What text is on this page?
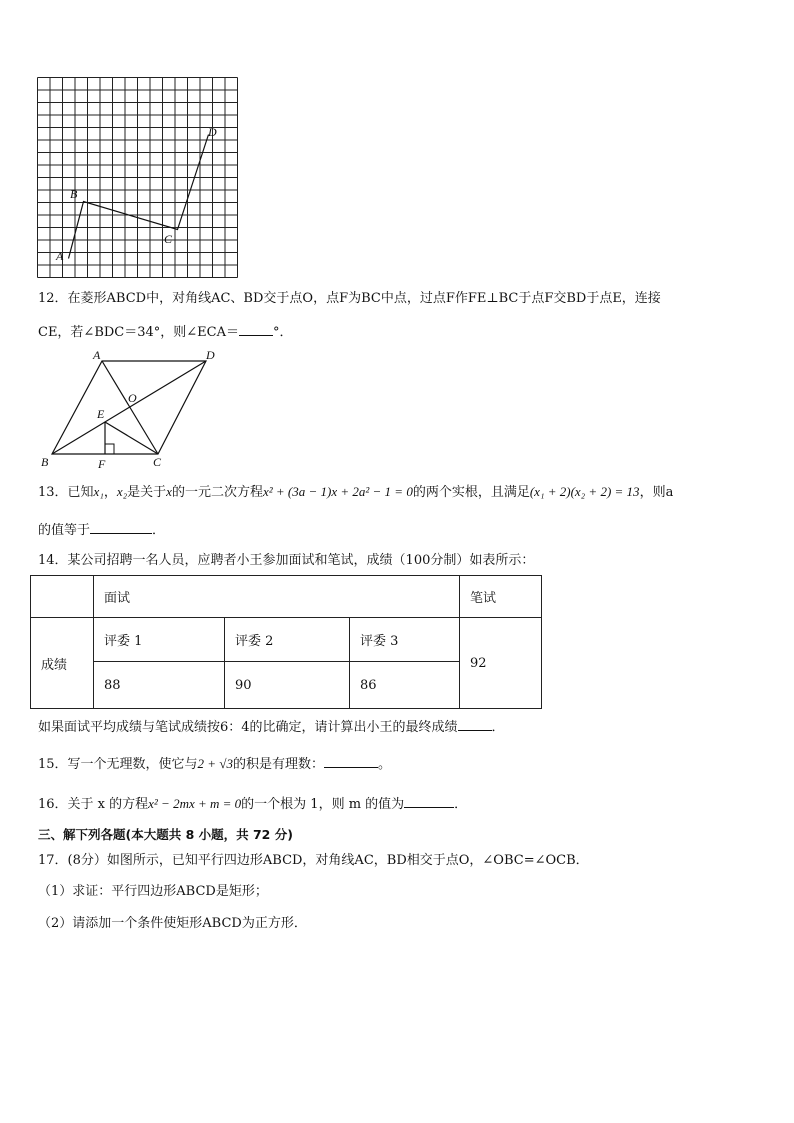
A
B
C
D
12．在菱形ABCD中，对角线AC、BD交于点O，点F为BC中点，过点F作FE⊥BC于点F交BD于点E，连接
CE，若∠BDC＝34°，则∠ECA＝	°．
A	D
O
E
B	F	C
13．已知x₁，x₂是关于x的一元二次方程x² + (3a − 1)x + 2a² − 1 = 0的两个实根，且满足(x₁ + 2)(x₂ + 2) = 13，则a
的值等于	．
14．某公司招聘一名人员，应聘者小王参加面试和笔试，成绩（100分制）如表所示：
	面试			笔试
成绩	评委 1	评委 2	评委 3	92
	88	90	86	
如果面试平均成绩与笔试成绩按6：4的比确定，请计算出小王的最终成绩	．
15．写一个无理数，使它与2 + √3的积是有理数：	。
16．关于 x 的方程x² − 2mx + m = 0的一个根为 1，则 m 的值为	．
三、解下列各题(本大题共 8 小题，共 72 分)
17．(8分）如图所示，已知平行四边形ABCD，对角线AC，BD相交于点O，∠OBC=∠OCB．
（1）求证：平行四边形ABCD是矩形；
（2）请添加一个条件使矩形ABCD为正方形．
